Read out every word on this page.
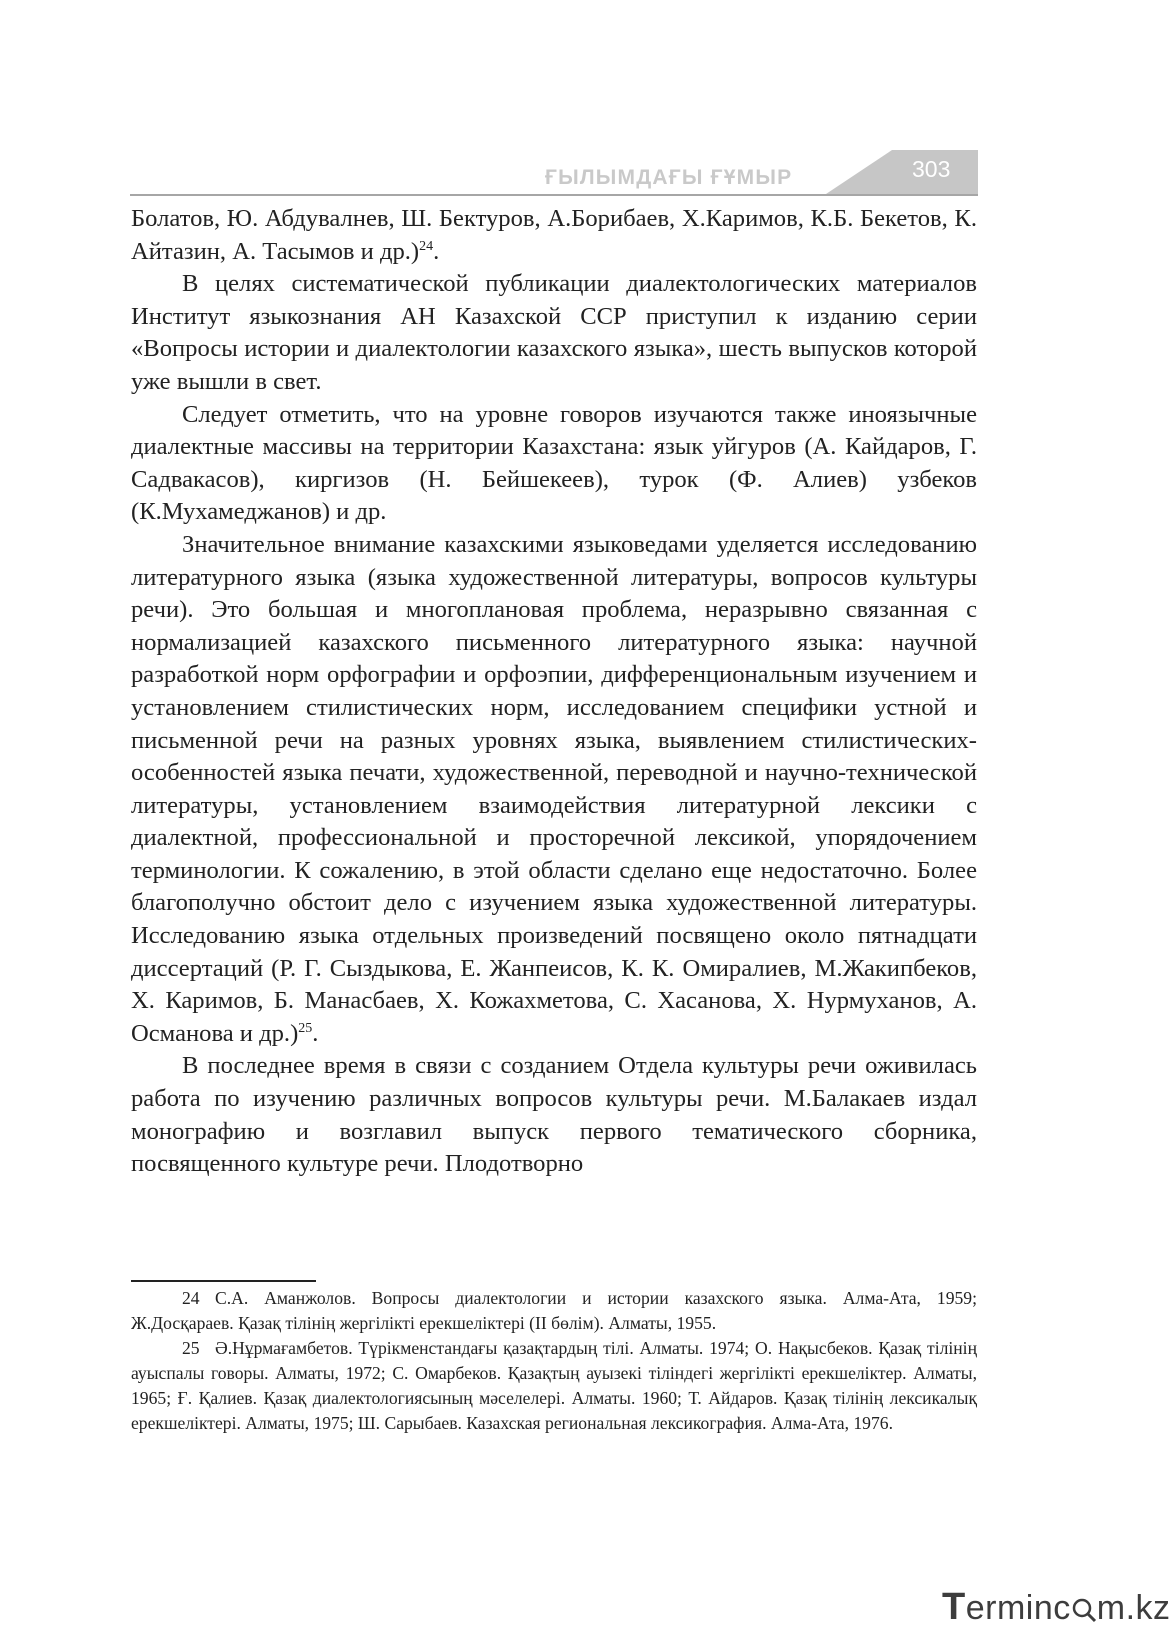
ҒЫЛЫМДАҒЫ ҒҰМЫР	303

Болатов, Ю. Абдувалнев, Ш. Бектуров, А.Борибаев, Х.Каримов, К.Б. Бекетов, К. Айтазин, А. Тасымов и др.)$^{24}$.

В целях систематической публикации диалектологических материалов Институт языкознания АН Казахской ССР приступил к изданию серии «Вопросы истории и диалектологии казахского языка», шесть выпусков которой уже вышли в свет.

Следует отметить, что на уровне говоров изучаются также иноязычные диалектные массивы на территории Казахстана: язык уйгуров (А. Кайдаров, Г. Садвакасов), киргизов (Н. Бейшекеев), турок (Ф. Алиев) узбеков (К.Мухамеджанов) и др.

Значительное внимание казахскими языковедами уделяется исследованию литературного языка (языка художественной литературы, вопросов культуры речи). Это большая и многоплановая проблема, неразрывно связанная с нормализацией казахского письменного литературного языка: научной разработкой норм орфографии и орфоэпии, дифференциональным изучением и установлением стилистических норм, исследованием специфики устной и письменной речи на разных уровнях языка, выявлением стилистических-особенностей языка печати, художественной, переводной и научно-технической литературы, установлением взаимодействия литературной лексики с диалектной, профессиональной и просторечной лексикой, упорядочением терминологии. К сожалению, в этой области сделано еще недостаточно. Более благополучно обстоит дело с изучением языка художественной литературы. Исследованию языка отдельных произведений посвящено около пятнадцати диссертаций (Р. Г. Сыздыкова, Е. Жанпеисов, К. К. Омиралиев, М.Жакипбеков, Х. Каримов, Б. Манасбаев, Х. Кожахметова, С. Хасанова, Х. Нурмуханов, А. Османова и др.)$^{25}$.

В последнее время в связи с созданием Отдела культуры речи оживилась работа по изучению различных вопросов культуры речи. М.Балакаев издал монографию и возглавил выпуск первого тематического сборника, посвященного культуре речи. Плодотворно

24 С.А. Аманжолов. Вопросы диалектологии и истории казахского языка. Алма-Ата, 1959; Ж.Досқараев. Қазақ тілінің жергілікті ерекшеліктері (II бөлім). Алматы, 1955.

25 Ә.Нұрмағамбетов. Түрікменстандағы қазақтардың тілі. Алматы. 1974; О. Нақысбеков. Қазақ тілінің ауыспалы говоры. Алматы, 1972; С. Омарбеков. Қазақтың ауызекі тіліндегі жергілікті ерекшеліктер. Алматы, 1965; Ғ. Қалиев. Қазақ диалектологиясының мәселелері. Алматы. 1960; Т. Айдаров. Қазақ тілінің лексикалық ерекшеліктері. Алматы, 1975; Ш. Сарыбаев. Казахская региональная лексикография. Алма-Ата, 1976.

Terminc m.kz
